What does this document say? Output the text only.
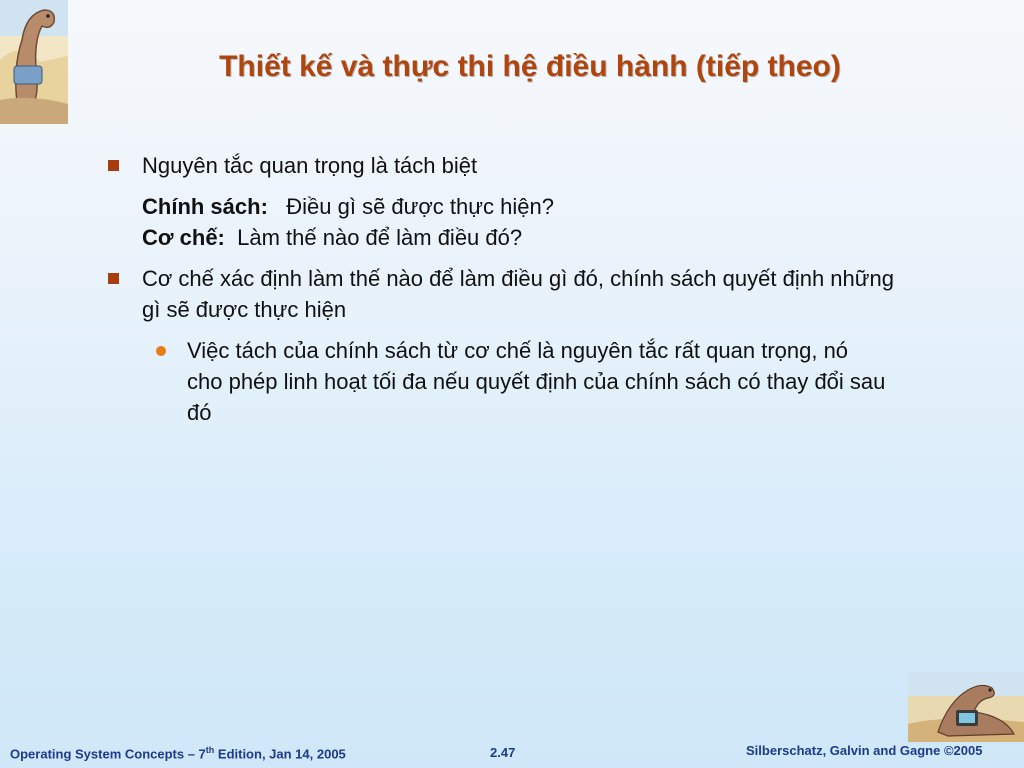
Thiết kế và thực thi hệ điều hành (tiếp theo)
Nguyên tắc quan trọng là tách biệt
Chính sách: Điều gì sẽ được thực hiện?
Cơ chế: Làm thế nào để làm điều đó?
Cơ chế xác định làm thế nào để làm điều gì đó, chính sách quyết định những gì sẽ được thực hiện
Việc tách của chính sách từ cơ chế là nguyên tắc rất quan trọng, nó cho phép linh hoạt tối đa nếu quyết định của chính sách có thay đổi sau đó
Operating System Concepts – 7th Edition, Jan 14, 2005	2.47	Silberschatz, Galvin and Gagne ©2005
